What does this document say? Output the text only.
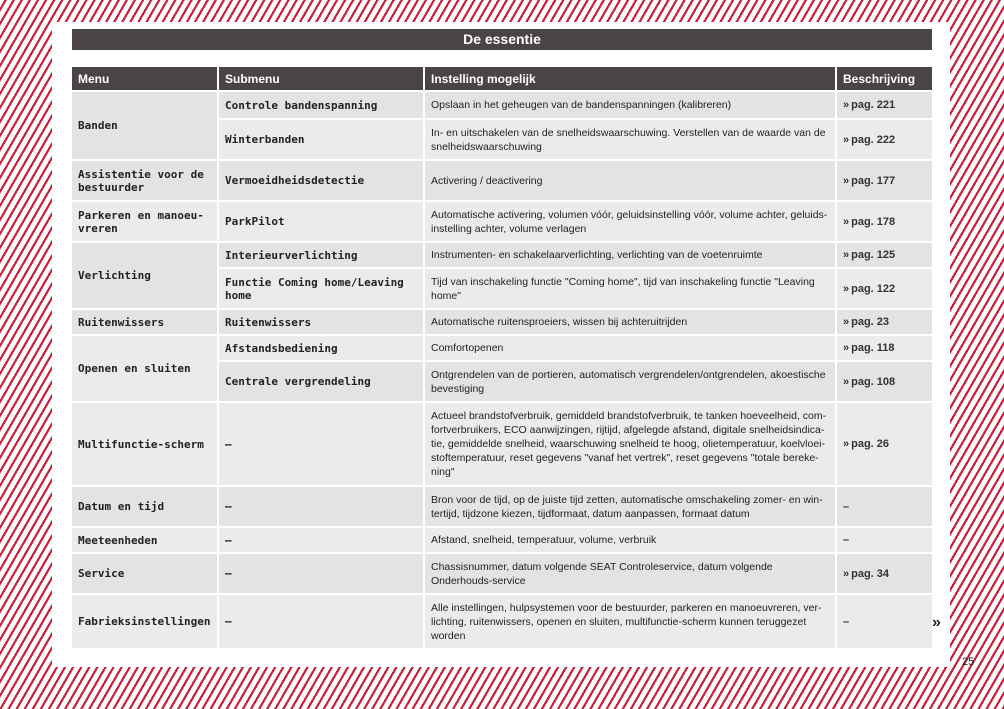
De essentie
Menu	Submenu	Instelling mogelijk	Beschrijving
Banden	Controle bandenspanning	Opslaan in het geheugen van de bandenspanningen (kalibreren)	» pag. 221
	Winterbanden	In- en uitschakelen van de snelheidswaarschuwing. Verstellen van de waarde van de snelheidswaarschuwing	» pag. 222
Assistentie voor de bestuurder	Vermoeidheidsdetectie	Activering / deactivering	» pag. 177
Parkeren en manoeu-vreren	ParkPilot	Automatische activering, volumen vóór, geluidsinstelling vóór, volume achter, geluids-instelling achter, volume verlagen	» pag. 178
Verlichting	Interieurverlichting	Instrumenten- en schakelaarverlichting, verlichting van de voetenruimte	» pag. 125
	Functie Coming home/Leaving home	Tijd van inschakeling functie "Coming home", tijd van inschakeling functie "Leaving home"	» pag. 122
Ruitenwissers	Ruitenwissers	Automatische ruitensproeiers, wissen bij achteruitrijden	» pag. 23
Openen en sluiten	Afstandsbediening	Comfortopenen	» pag. 118
	Centrale vergrendeling	Ontgrendelen van de portieren, automatisch vergrendelen/ontgrendelen, akoestische bevestiging	» pag. 108
Multifunctie-scherm	–	Actueel brandstofverbruik, gemiddeld brandstofverbruik, te tanken hoeveelheid, com-fortverbruikers, ECO aanwijzingen, rijtijd, afgelegde afstand, digitale snelheidsindica-tie, gemiddelde snelheid, waarschuwing snelheid te hoog, olietemperatuur, koelvloei-stoftemperatuur, reset gegevens "vanaf het vertrek", reset gegevens "totale bereke-ning"	» pag. 26
Datum en tijd	–	Bron voor de tijd, op de juiste tijd zetten, automatische omschakeling zomer- en win-tertijd, tijdzone kiezen, tijdformaat, datum aanpassen, formaat datum	–
Meeteenheden	–	Afstand, snelheid, temperatuur, volume, verbruik	–
Service	–	Chassisnummer, datum volgende SEAT Controleservice, datum volgende Onderhouds-service	» pag. 34
Fabrieksinstellingen	–	Alle instellingen, hulpsystemen voor de bestuurder, parkeren en manoeuvreren, ver-lichting, ruitenwissers, openen en sluiten, multifunctie-scherm kunnen teruggezet worden	–	»
25
